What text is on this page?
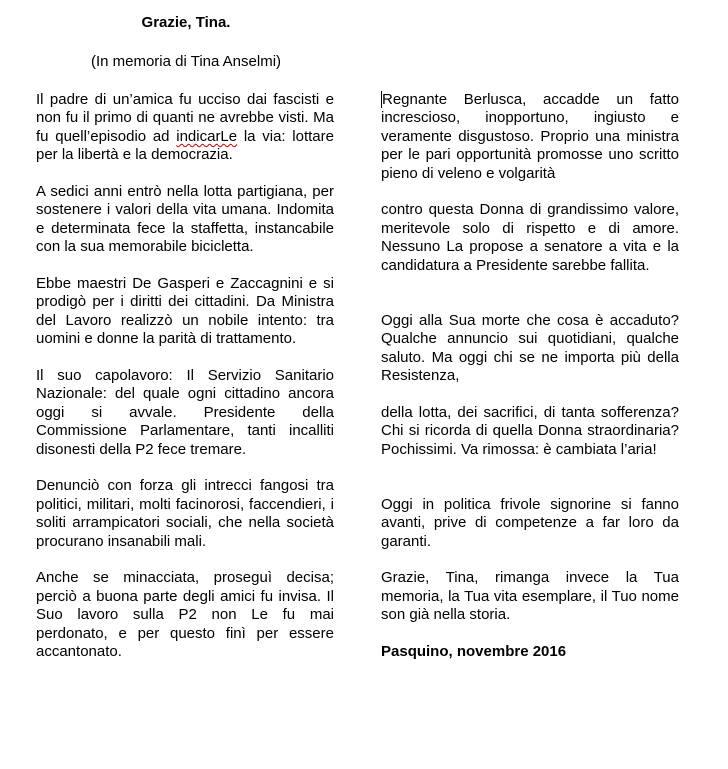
Grazie, Tina.
(In memoria di Tina Anselmi)

Il padre di un’amica fu ucciso dai fascisti e non fu il primo di quanti ne avrebbe visti. Ma fu quell’episodio ad indicarLe la via: lottare per la libertà e la democrazia.

A sedici anni entrò nella lotta partigiana, per sostenere i valori della vita umana. Indomita e determinata fece la staffetta, instancabile con la sua memorabile bicicletta.

Ebbe maestri De Gasperi e Zaccagnini e si prodigò per i diritti dei cittadini. Da Ministra del Lavoro realizzò un nobile intento: tra uomini e donne la parità di trattamento.

Il suo capolavoro: Il Servizio Sanitario Nazionale: del quale ogni cittadino ancora oggi si avvale. Presidente della Commissione Parlamentare, tanti incalliti disonesti della P2 fece tremare.

Denunciò con forza gli intrecci fangosi tra politici, militari, molti facinorosi, faccendieri, i soliti arrampicatori sociali, che nella società procurano insanabili mali.

Anche se minacciata, proseguì decisa; perciò a buona parte degli amici fu invisa. Il Suo lavoro sulla P2 non Le fu mai perdonato, e per questo finì per essere accantonato.

Regnante Berlusca, accadde un fatto increscioso, inopportuno, ingiusto e veramente disgustoso. Proprio una ministra per le pari opportunità promosse uno scritto pieno di veleno e volgarità

contro questa Donna di grandissimo valore, meritevole solo di rispetto e di amore. Nessuno La propose a senatore a vita e la candidatura a Presidente sarebbe fallita.

Oggi alla Sua morte che cosa è accaduto? Qualche annuncio sui quotidiani, qualche saluto. Ma oggi chi se ne importa più della Resistenza,

della lotta, dei sacrifici, di tanta sofferenza? Chi si ricorda di quella Donna straordinaria? Pochissimi. Va rimossa: è cambiata l’aria!

Oggi in politica frivole signorine si fanno avanti, prive di competenze a far loro da garanti.

Grazie, Tina, rimanga invece la Tua memoria, la Tua vita esemplare, il Tuo nome son già nella storia.

Pasquino, novembre 2016
